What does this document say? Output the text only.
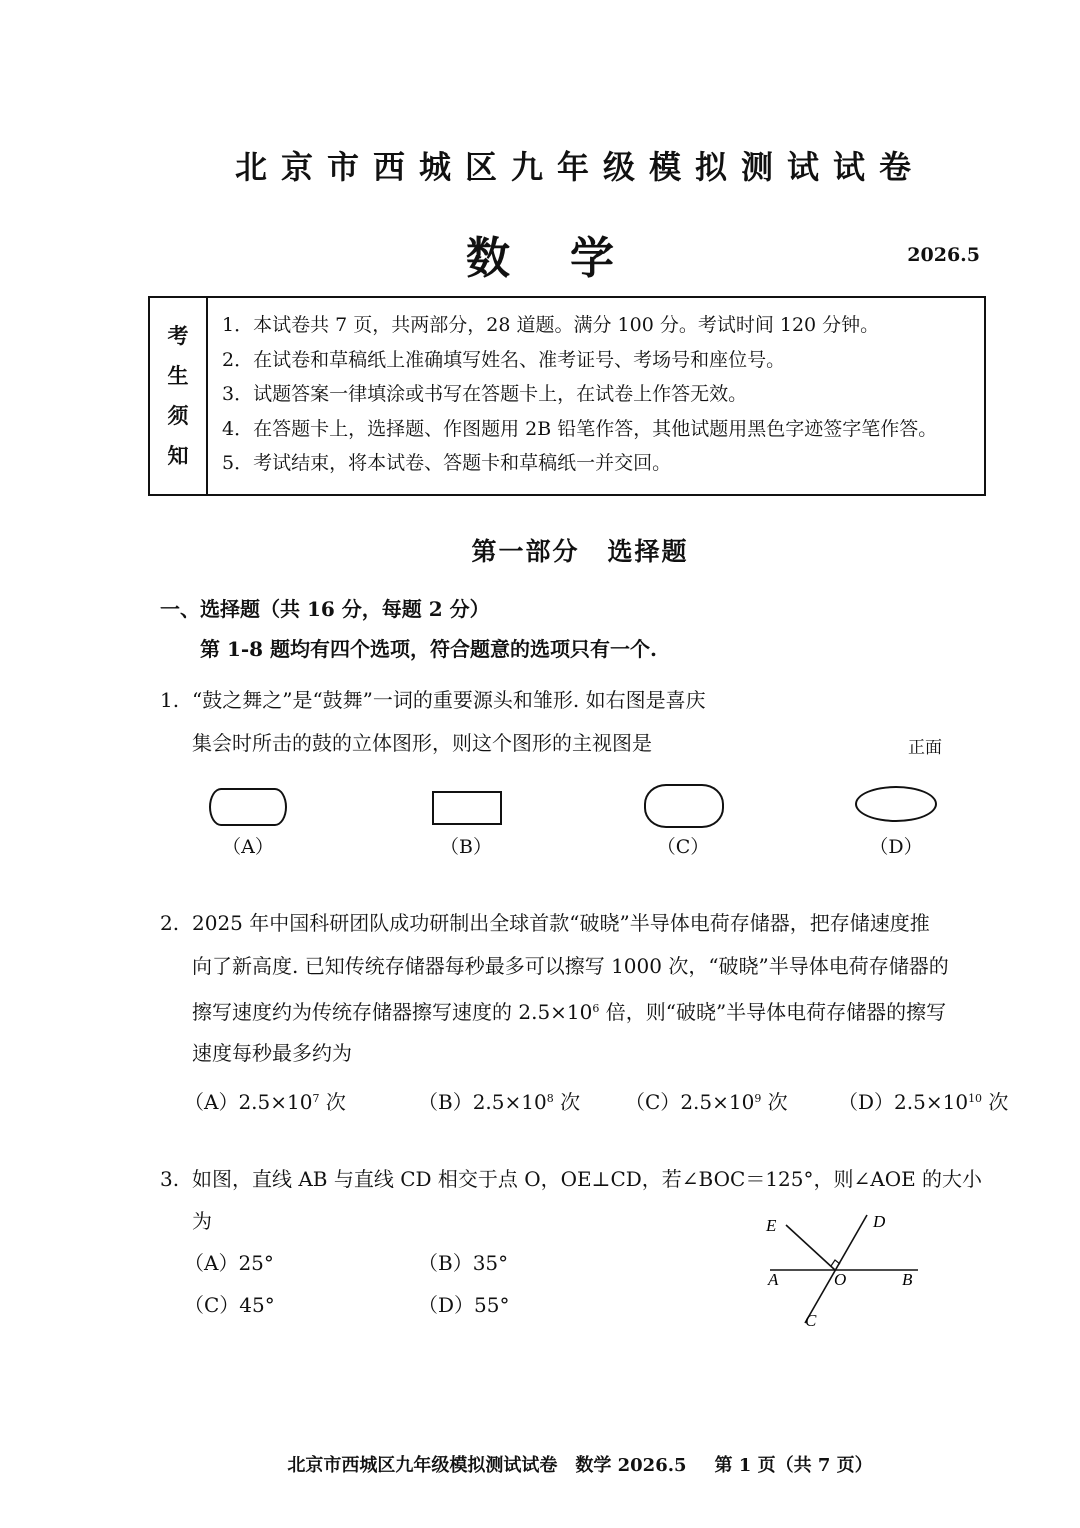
北京市西城区九年级模拟测试试卷
数学	2026.5
考
生
须
知
1．本试卷共 7 页，共两部分，28 道题。满分 100 分。考试时间 120 分钟。
2．在试卷和草稿纸上准确填写姓名、准考证号、考场号和座位号。
3．试题答案一律填涂或书写在答题卡上，在试卷上作答无效。
4．在答题卡上，选择题、作图题用 2B 铅笔作答，其他试题用黑色字迹签字笔作答。
5．考试结束，将本试卷、答题卡和草稿纸一并交回。
第一部分 选择题
一、选择题（共 16 分，每题 2 分）
第 1-8 题均有四个选项，符合题意的选项只有一个.
1. “鼓之舞之”是“鼓舞”一词的重要源头和雏形. 如右图是喜庆
集会时所击的鼓的立体图形，则这个图形的主视图是	正面
（A）	（B）	（C）	（D）
2. 2025 年中国科研团队成功研制出全球首款“破晓”半导体电荷存储器，把存储速度推
向了新高度. 已知传统存储器每秒最多可以擦写 1000 次，“破晓”半导体电荷存储器的
擦写速度约为传统存储器擦写速度的 $2.5\times 10^6$ 倍，则“破晓”半导体电荷存储器的擦写
速度每秒最多约为
$(A)2.5\times 10^7$ 次	$(B)2.5\times 10^8$ 次 $(C)2.5\times 10^9$ 次	$(D)2.5\times 10^{10}$ 次
3. 如图，直线 AB 与直线 CD 相交于点 O，OE⊥CD，若∠BOC＝125°，则∠AOE 的大小
为
（A）25°	（B）35°
（C）45°	（D）55°
E	D
A	O	B
C
北京市西城区九年级模拟测试试卷　数学 2026.5 第 1 页（共 7 页）
